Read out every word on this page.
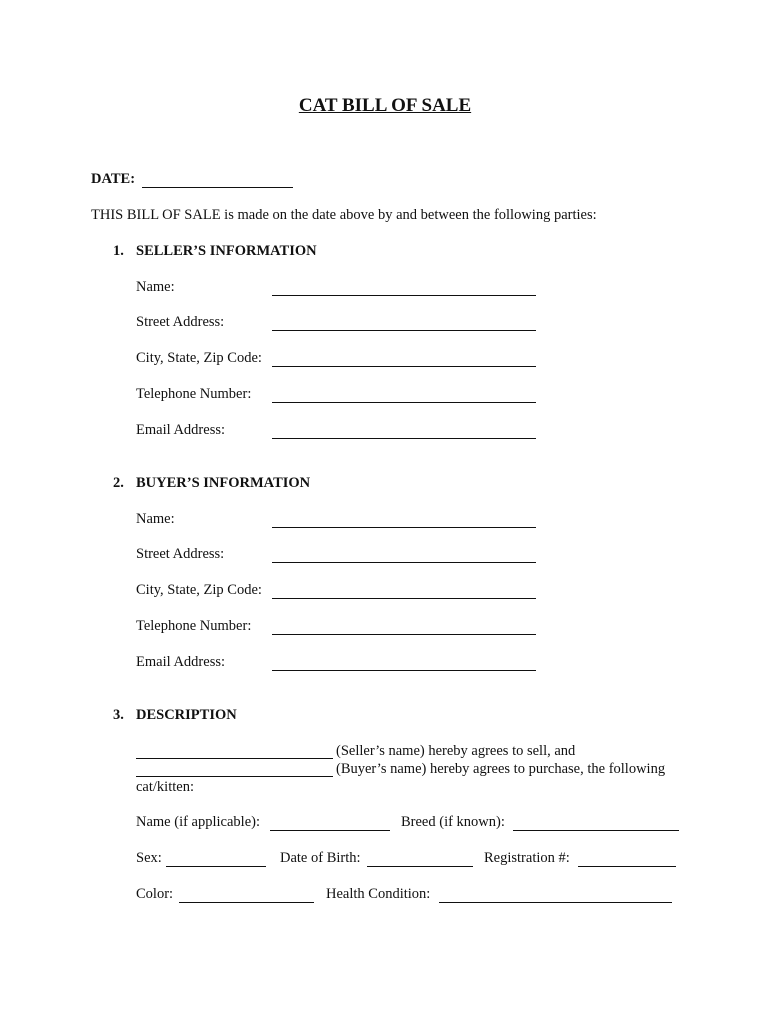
CAT BILL OF SALE
DATE:
THIS BILL OF SALE is made on the date above by and between the following parties:
1. SELLER’S INFORMATION
Name:
Street Address:
City, State, Zip Code:
Telephone Number:
Email Address:
2. BUYER’S INFORMATION
Name:
Street Address:
City, State, Zip Code:
Telephone Number:
Email Address:
3. DESCRIPTION
(Seller’s name) hereby agrees to sell, and
(Buyer’s name) hereby agrees to purchase, the following
cat/kitten:
Name (if applicable):	Breed (if known):
Sex:	Date of Birth:	Registration #:
Color:	Health Condition:
